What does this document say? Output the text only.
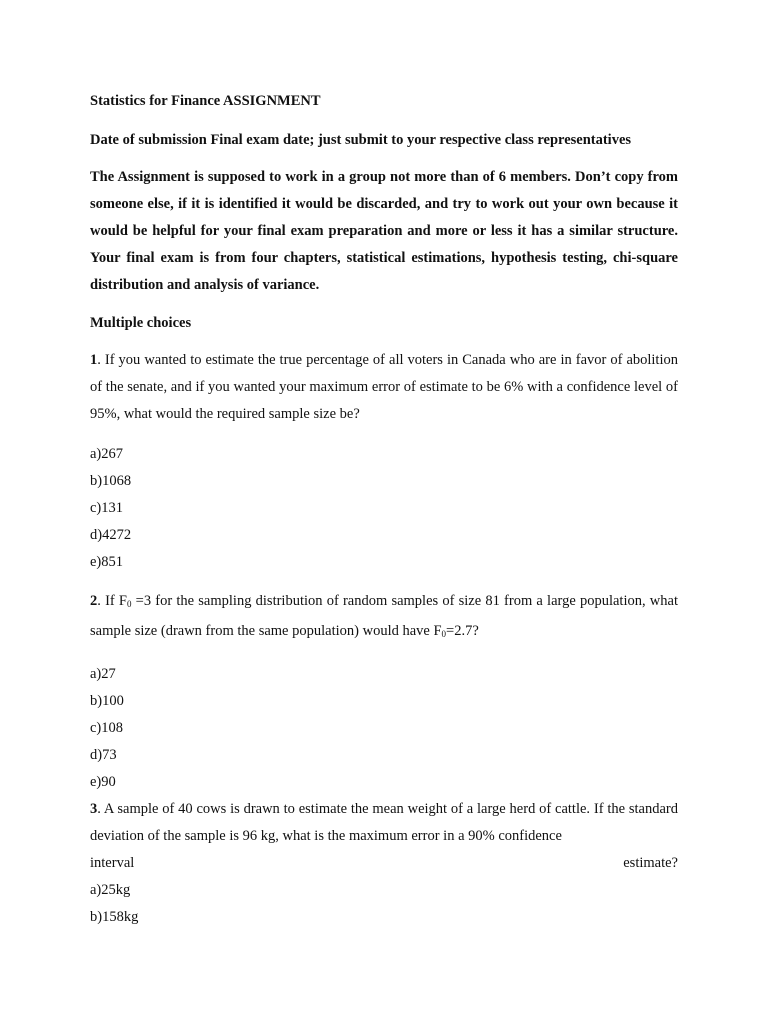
Statistics for Finance ASSIGNMENT

Date of submission Final exam date; just submit to your respective class representatives

The Assignment is supposed to work in a group not more than of 6 members. Don’t copy from someone else, if it is identified it would be discarded, and try to work out your own because it would be helpful for your final exam preparation and more or less it has a similar structure. Your final exam is from four chapters, statistical estimations, hypothesis testing, chi-square distribution and analysis of variance.

Multiple choices

1. If you wanted to estimate the true percentage of all voters in Canada who are in favor of abolition of the senate, and if you wanted your maximum error of estimate to be 6% with a confidence level of 95%, what would the required sample size be?

a)267

b)1068

c)131

d)4272

e)851

2. If $F_0 =3$ for the sampling distribution of random samples of size 81 from a large population, what sample size (drawn from the same population) would have $F_0=2.7$?

a)27

b)100

c)108

d)73

e)90

3. A sample of 40 cows is drawn to estimate the mean weight of a large herd of cattle. If the standard deviation of the sample is 96 kg, what is the maximum error in a 90% confidence

interval	estimate?

a)25kg

b)158kg
